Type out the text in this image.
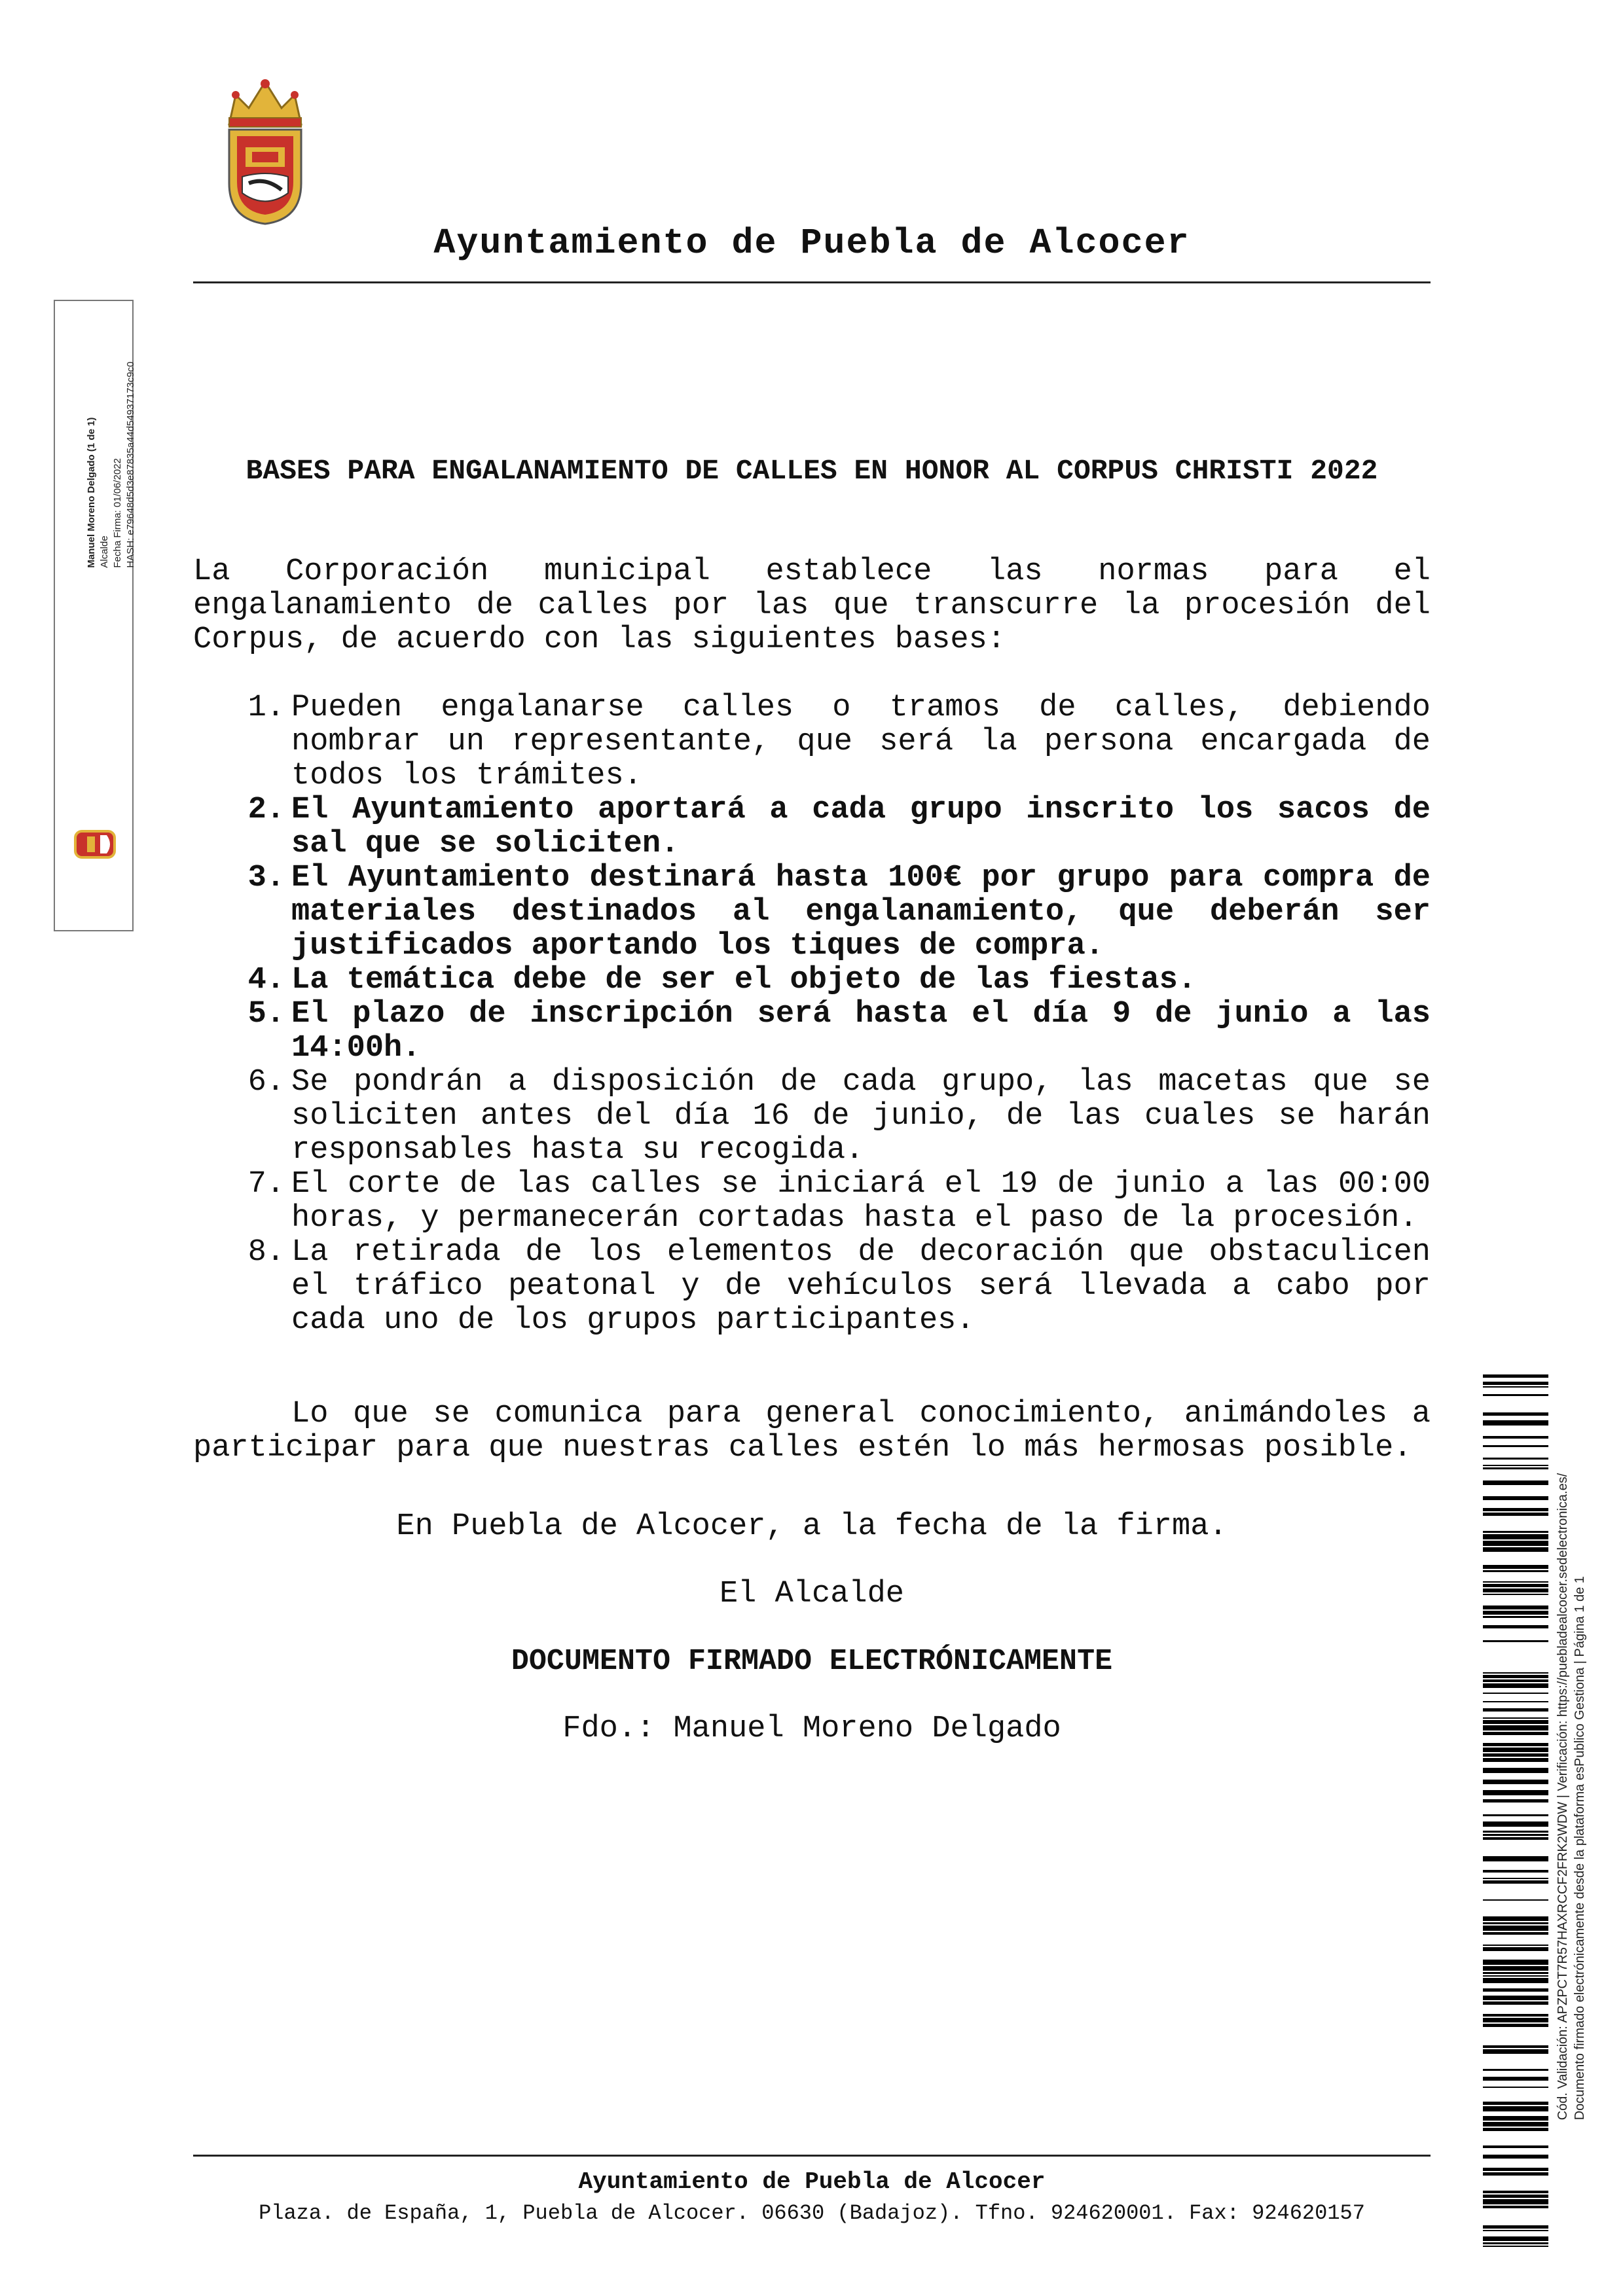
Ayuntamiento de Puebla de Alcocer
Manuel Moreno Delgado (1 de 1) Alcalde Fecha Firma: 01/06/2022 HASH: e79648d5d3e87835a44d54937173c9c0	BASES PARA ENGALANAMIENTO DE CALLES EN HONOR AL CORPUS CHRISTI 2022
La Corporación municipal establece las normas para el engalanamiento de calles por las que transcurre la procesión del Corpus, de acuerdo con las siguientes bases:
1. Pueden engalanarse calles o tramos de calles, debiendo nombrar un representante, que será la persona encargada de todos los trámites.
2. El Ayuntamiento aportará a cada grupo inscrito los sacos de sal que se soliciten.
3. El Ayuntamiento destinará hasta 100€ por grupo para compra de materiales destinados al engalanamiento, que deberán ser justificados aportando los tiques de compra.
4. La temática debe de ser el objeto de las fiestas.
5. El plazo de inscripción será hasta el día 9 de junio a las 14:00h.
6. Se pondrán a disposición de cada grupo, las macetas que se soliciten antes del día 16 de junio, de las cuales se harán responsables hasta su recogida.
7. El corte de las calles se iniciará el 19 de junio a las 00:00 horas, y permanecerán cortadas hasta el paso de la procesión.
8. La retirada de los elementos de decoración que obstaculicen el tráfico peatonal y de vehículos será llevada a cabo por cada uno de los grupos participantes.
Lo que se comunica para general conocimiento, animándoles a participar para que nuestras calles estén lo más hermosas posible.
En Puebla de Alcocer, a la fecha de la firma.
El Alcalde
DOCUMENTO FIRMADO ELECTRÓNICAMENTE
Fdo.: Manuel Moreno Delgado
Ayuntamiento de Puebla de Alcocer
Plaza. de España, 1, Puebla de Alcocer. 06630 (Badajoz). Tfno. 924620001. Fax: 924620157
Cód. Validación: APZPCT7R57HAXRCCF2FRK2WDW | Verificación: https://puebladealcocer.sedelectronica.es/ Documento firmado electrónicamente desde la plataforma esPublico Gestiona | Página 1 de 1
